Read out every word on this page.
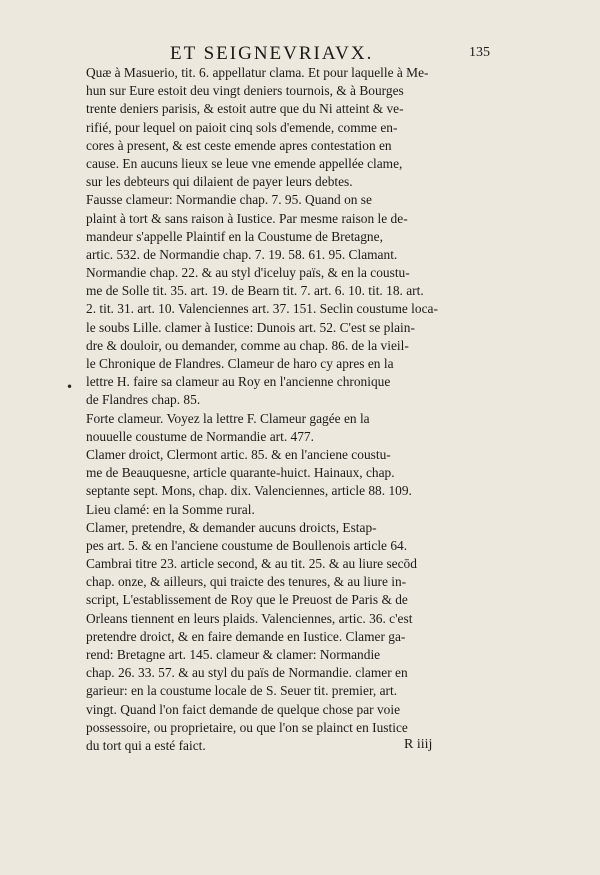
ET SEIGNEVRIAVX.	135
•
Quæ à Masuerio, tit. 6. appellatur clama. Et pour laquelle à Me-
hun sur Eure estoit deu vingt deniers tournois, & à Bourges
trente deniers parisis, & estoit autre que du Ni atteint & ve-
rifié, pour lequel on paioit cinq sols d'emende, comme en-
cores à present, & est ceste emende apres contestation en
cause. En aucuns lieux se leue vne emende appellée clame,
sur les debteurs qui dilaient de payer leurs debtes.
Fausse clameur: Normandie chap. 7. 95. Quand on se
plaint à tort & sans raison à Iustice. Par mesme raison le de-
mandeur s'appelle Plaintif en la Coustume de Bretagne,
artic. 532. de Normandie chap. 7. 19. 58. 61. 95. Clamant.
Normandie chap. 22. & au styl d'iceluy païs, & en la coustu-
me de Solle tit. 35. art. 19. de Bearn tit. 7. art. 6. 10. tit. 18. art.
2. tit. 31. art. 10. Valenciennes art. 37. 151. Seclin coustume loca-
le soubs Lille. clamer à Iustice: Dunois art. 52. C'est se plain-
dre & douloir, ou demander, comme au chap. 86. de la vieil-
le Chronique de Flandres. Clameur de haro cy apres en la
lettre H. faire sa clameur au Roy en l'ancienne chronique
de Flandres chap. 85.
Forte clameur. Voyez la lettre F. Clameur gagée en la
nouuelle coustume de Normandie art. 477.
Clamer droict, Clermont artic. 85. & en l'anciene coustu-
me de Beauquesne, article quarante-huict. Hainaux, chap.
septante sept. Mons, chap. dix. Valenciennes, article 88. 109.
Lieu clamé: en la Somme rural.
Clamer, pretendre, & demander aucuns droicts, Estap-
pes art. 5. & en l'anciene coustume de Boullenois article 64.
Cambrai titre 23. article second, & au tit. 25. & au liure secōd
chap. onze, & ailleurs, qui traicte des tenures, & au liure in-
script, L'establissement de Roy que le Preuost de Paris & de
Orleans tiennent en leurs plaids. Valenciennes, artic. 36. c'est
pretendre droict, & en faire demande en Iustice. Clamer ga-
rend: Bretagne art. 145. clameur & clamer: Normandie
chap. 26. 33. 57. & au styl du païs de Normandie. clamer en
garieur: en la coustume locale de S. Seuer tit. premier, art.
vingt. Quand l'on faict demande de quelque chose par voie
possessoire, ou proprietaire, ou que l'on se plainct en Iustice
du tort qui a esté faict.	R iiij
